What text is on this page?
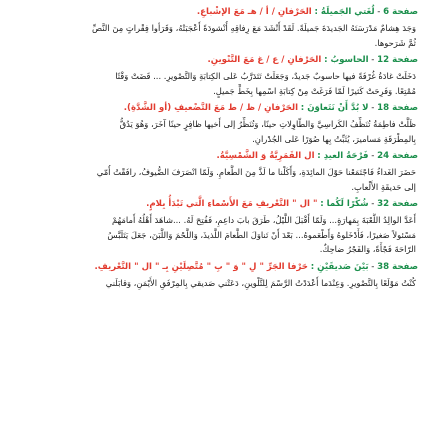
صفحة 6 - لُغَتي الجَميلَةُ : الحَرْفانِ / أ / هـ مَعَ الإشْباعِ.
وَجَدَ هِشامٌ مَدْرَسَتَهُ الجَديدَةَ جَميلَةً. لَقَدْ أَنْشَدَ مَعَ رِفاقِهِ أُنْشودَةً أَعْجَبَتْهُ، وَقَرَأوا فِقْراتٍ مِنَ النَّصِّ
ثُمَّ شَرَحوها.
صفحة 12 - الحاسوبُ : الحَرْفانِ / ع / غ مَعَ التَّنْوينِ.
دَخَلَتْ غادَةُ غُرْفَةً فيها حاسوبٌ جَديدٌ، وَجَعَلَتْ تَتَدَرَّبُ عَلى الكِتابَةِ وَالتَّصْويرِ. ... قَضَتْ وَقْتًا
مُمْتِعًا. وَفَرِحَتْ كَثيرًا لَمّا فَرَغَتْ مِنْ كِتابَةِ اسْمِها بِخَطٍّ جَميلٍ.
صفحة 18 - لا بُدَّ أَنْ نَتَعاوَنَ : الحَرْفانِ / ظ / ط مَعَ التَّضْعيفِ (أو الشَّدَّةِ).
ظَلَّتْ فاطِمَةُ تُنَظِّفُ الكَراسِيَّ وَالطّاوِلاتِ حينًا، وَتُنَظِّرُ إلى أَخيها ظافِرٍ حينًا آخَرَ، وَهُوَ يَدُقُّ
بِالمِطْرَقَةِ مَساميرَ، يُثَبِّتُ بِها صُوَرًا عَلى الجُدْرانِ.
صفحة 24 - فَرْحَةُ العيدِ : ال القَمَرِيَّةُ وَ الشَّمْسِيَّةُ.
حَضَرَ الغَداءُ فَاجْتَمَعْنا حَوْلَ المائِدَةِ، وَأَكَلْنا ما لَذَّ مِنَ الطَّعامِ. وَلَمّا انْصَرَفَ الضُّيوفُ، رافَقْتُ أُمّي
إلى حَديقَةِ الأَلْعابِ.
صفحة 32 - شُكْرًا لَكُما : " ال " التَّعْريفِ مَعَ الأَسْماءِ الَّتي تَبْدَأُ بِلامٍ.
أَعَدَّ الوالِدُ اللُّعْبَةَ بِمَهارَةٍ... وَلَمّا أَقْبَلَ اللَّيْلُ، طَرَقَ بابَ داعِمِ، فَفُتِحَ لَهُ. ...شاهَدَ أَهْلُهُ أَمامَهُمْ
مَسْئولاً صَغيرًا، فَأَدْخَلوهُ وَأَطْعَموهُ... بَعْدَ أَنْ تَناوَلَ الطَّعامَ اللَّذيذَ، وَاللَّحْمَ وَاللَّبَنَ، جَعَلَ يَتَلَبَّسُ
الرّاحَةَ فَجْأَةً، وَالفَجْرُ ضاحِكٌ.
صفحة 38 - بَيْنَ صَديقَيْنِ : حَرْفا الجَرِّ " لِ " وَ " بِ " مُتَّصِلَيْنِ بِـ " ال " التَّعْريفِ.
كُنْتُ مَوْلَعًا بِالتَّصْويرِ. وَعِنْدَما أَعْدَدْتُ الرَّسْمَ لِلتَّلْوينِ، دَعَتْني صَديقي بِالمِرْفَقِ الأَيْمَنِ، وَقابَلَني
